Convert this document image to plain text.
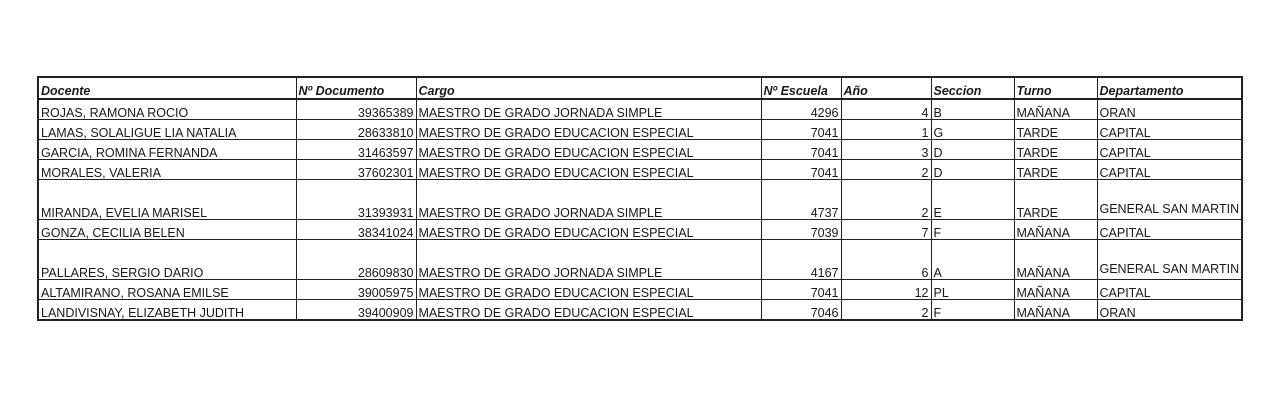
Docente	Nº Documento	Cargo	Nº Escuela	Año	Seccion	Turno	Departamento
ROJAS, RAMONA ROCIO	39365389	MAESTRO DE GRADO JORNADA SIMPLE	4296	4	B	MAÑANA	ORAN
LAMAS, SOLALIGUE LIA NATALIA	28633810	MAESTRO DE GRADO EDUCACION ESPECIAL	7041	1	G	TARDE	CAPITAL
GARCIA, ROMINA FERNANDA	31463597	MAESTRO DE GRADO EDUCACION ESPECIAL	7041	3	D	TARDE	CAPITAL
MORALES, VALERIA	37602301	MAESTRO DE GRADO EDUCACION ESPECIAL	7041	2	D	TARDE	CAPITAL
MIRANDA, EVELIA MARISEL	31393931	MAESTRO DE GRADO JORNADA SIMPLE	4737	2	E	TARDE	GENERAL SAN MARTIN
GONZA, CECILIA BELEN	38341024	MAESTRO DE GRADO EDUCACION ESPECIAL	7039	7	F	MAÑANA	CAPITAL
PALLARES, SERGIO DARIO	28609830	MAESTRO DE GRADO JORNADA SIMPLE	4167	6	A	MAÑANA	GENERAL SAN MARTIN
ALTAMIRANO, ROSANA EMILSE	39005975	MAESTRO DE GRADO EDUCACION ESPECIAL	7041	12	PL	MAÑANA	CAPITAL
LANDIVISNAY, ELIZABETH JUDITH	39400909	MAESTRO DE GRADO EDUCACION ESPECIAL	7046	2	F	MAÑANA	ORAN
